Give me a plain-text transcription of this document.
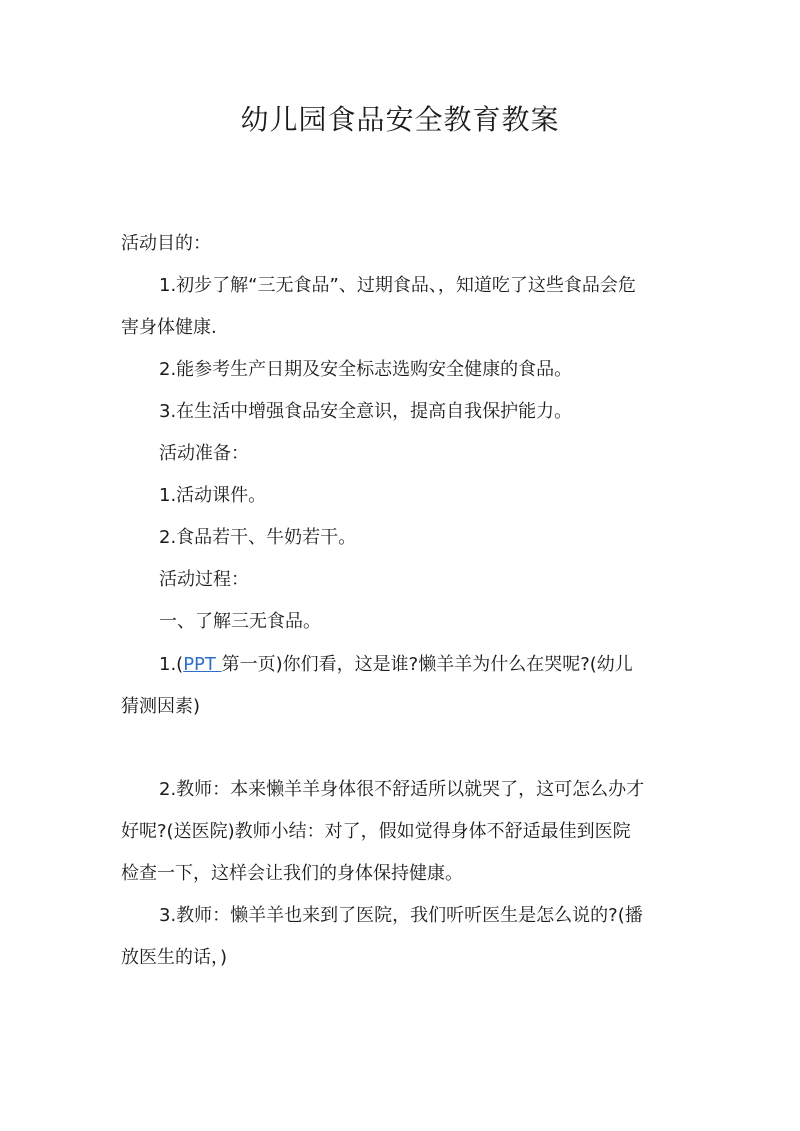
幼儿园食品安全教育教案

活动目的：

1.初步了解“三无食品”、过期食品、，知道吃了这些食品会危

害身体健康.

2.能参考生产日期及安全标志选购安全健康的食品。

3.在生活中增强食品安全意识，提高自我保护能力。

活动准备：

1.活动课件。

2.食品若干、牛奶若干。

活动过程：

一、了解三无食品。

1.(PPT 第一页)你们看，这是谁?懒羊羊为什么在哭呢?(幼儿

猜测因素)

2.教师：本来懒羊羊身体很不舒适所以就哭了，这可怎么办才

好呢?(送医院)教师小结：对了，假如觉得身体不舒适最佳到医院

检查一下，这样会让我们的身体保持健康。

3.教师：懒羊羊也来到了医院，我们听听医生是怎么说的?(播

放医生的话，)
